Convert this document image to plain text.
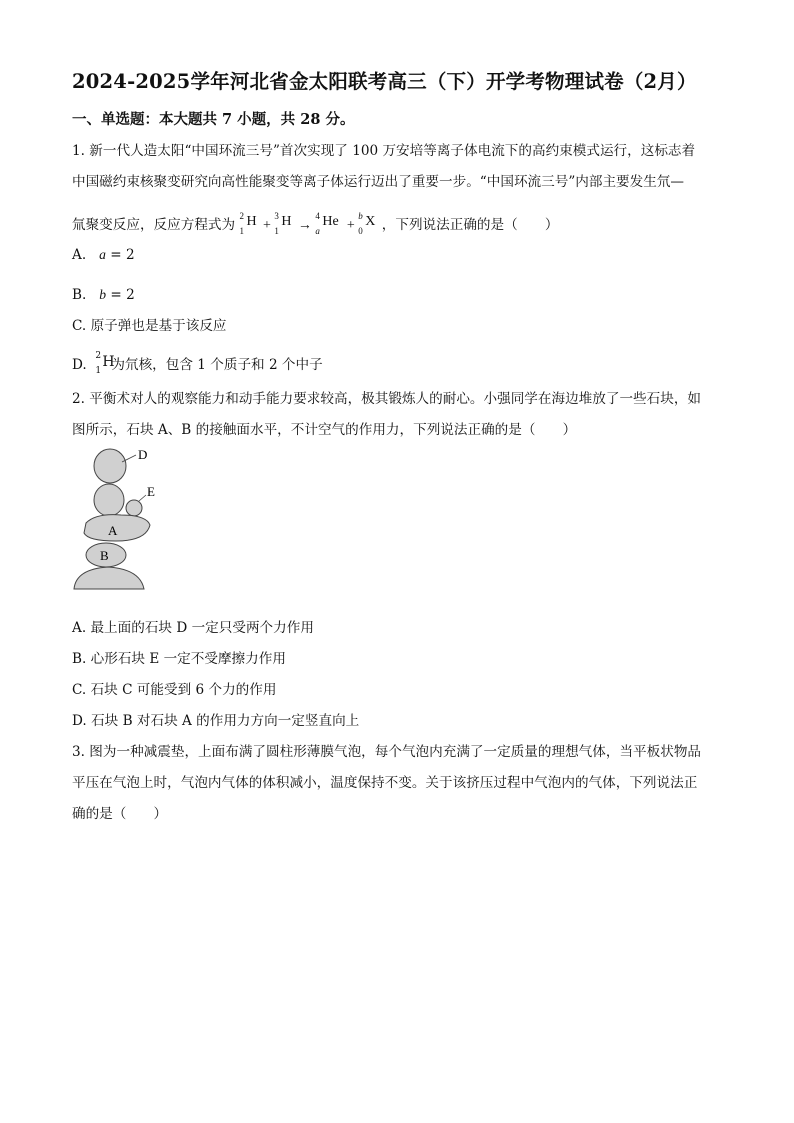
2024-2025学年河北省金太阳联考高三（下）开学考物理试卷（2月）
一、单选题：本大题共 7 小题，共 28 分。
1. 新一代人造太阳“中国环流三号”首次实现了 100 万安培等离子体电流下的高约束模式运行，这标志着
中国磁约束核聚变研究向高性能聚变等离子体运行迈出了重要一步。“中国环流三号”内部主要发生氘—
氚聚变反应，反应方程式为
2
1
H +
3
1
H →
4
a
He +
b
0
X ，下列说法正确的是（　　）
A. a = 2
B. b = 2
C. 原子弹也是基于该反应
D.
2
1
H
为氘核，包含 1 个质子和 2 个中子
2. 平衡术对人的观察能力和动手能力要求较高，极其锻炼人的耐心。小强同学在海边堆放了一些石块，如
图所示，石块 A、B 的接触面水平，不计空气的作用力，下列说法正确的是（　　）
D
E
A
B
A. 最上面的石块 D 一定只受两个力作用
B. 心形石块 E 一定不受摩擦力作用
C. 石块 C 可能受到 6 个力的作用
D. 石块 B 对石块 A 的作用力方向一定竖直向上
3. 图为一种减震垫，上面布满了圆柱形薄膜气泡，每个气泡内充满了一定质量的理想气体，当平板状物品
平压在气泡上时，气泡内气体的体积减小，温度保持不变。关于该挤压过程中气泡内的气体，下列说法正
确的是（　　）
